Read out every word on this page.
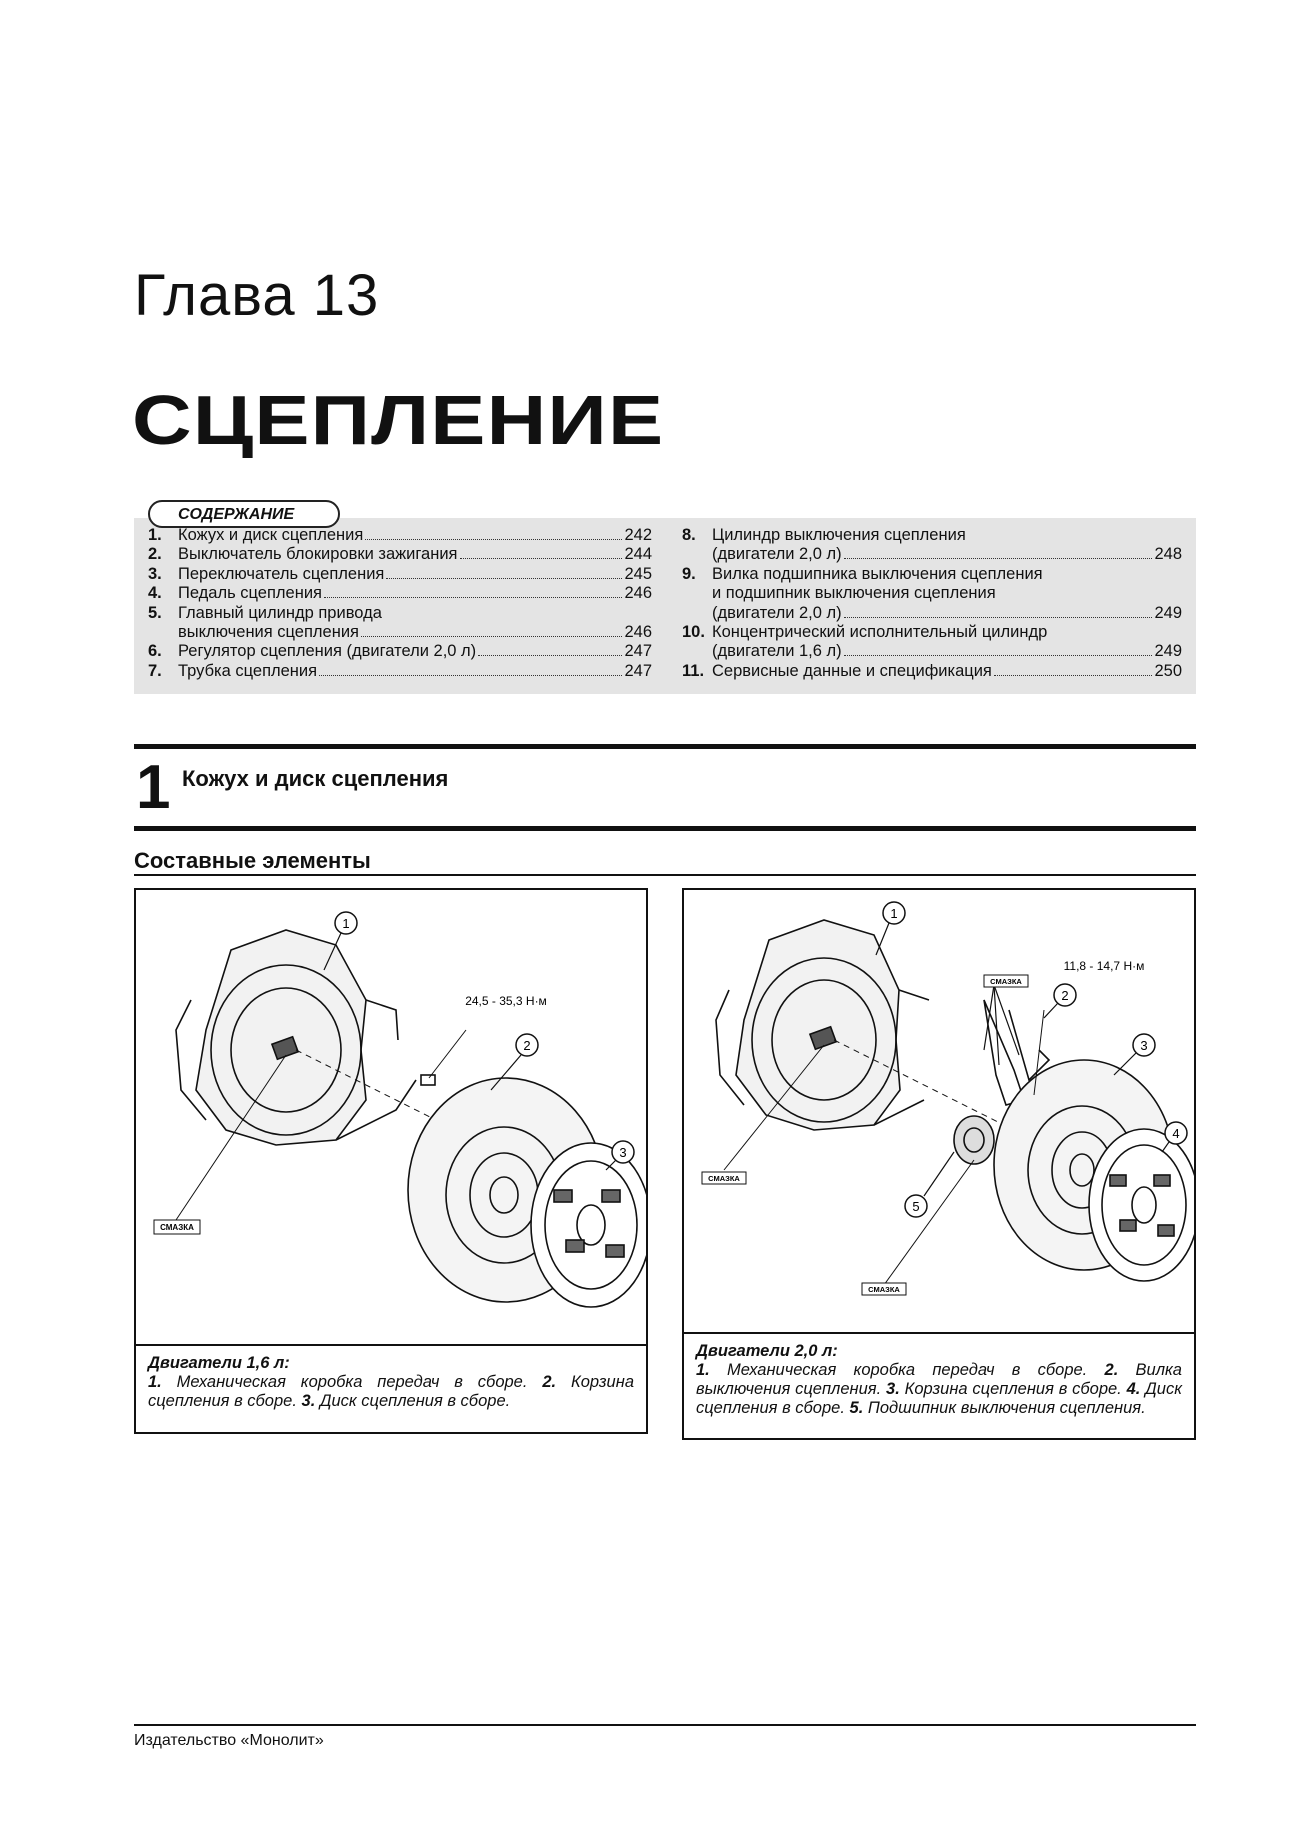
Глава 13
СЦЕПЛЕНИЕ
СОДЕРЖАНИЕ
1. Кожух и диск сцепления	242
2. Выключатель блокировки зажигания	244
3. Переключатель сцепления	245
4. Педаль сцепления	246
5. Главный цилиндр привода
выключения сцепления	246
6. Регулятор сцепления (двигатели 2,0 л)	247
7. Трубка сцепления	247
8. Цилиндр выключения сцепления
(двигатели 2,0 л)	248
9. Вилка подшипника выключения сцепления
и подшипник выключения сцепления
(двигатели 2,0 л)	249
10. Концентрический исполнительный цилиндр
(двигатели 1,6 л)	249
11. Сервисные данные и спецификация	250
1 Кожух и диск сцепления
Составные элементы
1
2
3
24,5 - 35,3 Н·м
СМАЗКА
Двигатели 1,6 л:
1. Механическая коробка передач в сборе. 2. Корзина сцепления в сборе. 3. Диск сцепления в сборе.
1
2
3
4
5
11,8 - 14,7 Н·м
СМАЗКА
СМАЗКА
СМАЗКА
Двигатели 2,0 л:
1. Механическая коробка передач в сборе. 2. Вилка выключения сцепления. 3. Корзина сцепления в сборе. 4. Диск сцепления в сборе. 5. Подшипник выключения сцепления.
Издательство «Монолит»
